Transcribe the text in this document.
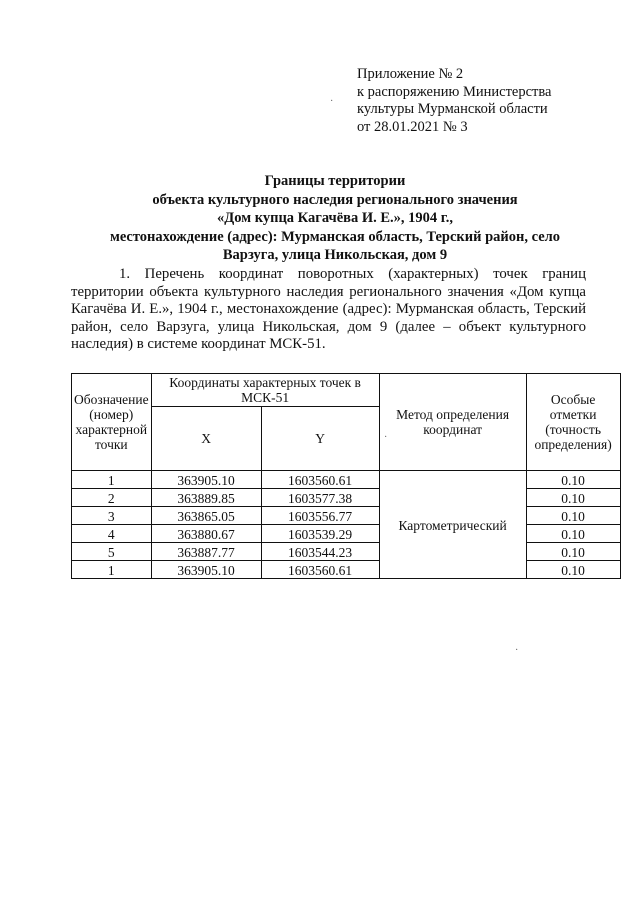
Приложение № 2
к распоряжению Министерства
культуры Мурманской области
от 28.01.2021 № 3
Границы территории
объекта культурного наследия регионального значения
«Дом купца Кагачёва И. Е.», 1904 г.,
местонахождение (адрес): Мурманская область, Терский район, село
Варзуга, улица Никольская, дом 9
1. Перечень координат поворотных (характерных) точек границ территории объекта культурного наследия регионального значения «Дом купца Кагачёва И. Е.», 1904 г., местонахождение (адрес): Мурманская область, Терский район, село Варзуга, улица Никольская, дом 9 (далее – объект культурного наследия) в системе координат МСК-51.
Обозначение (номер) характерной точки	Координаты характерных точек в МСК-51		Метод определения координат	Особые отметки (точность определения)
	X	Y		
1	363905.10	1603560.61	Картометрический	0.10
2	363889.85	1603577.38		0.10
3	363865.05	1603556.77		0.10
4	363880.67	1603539.29		0.10
5	363887.77	1603544.23		0.10
1	363905.10	1603560.61		0.10
·
·
·
